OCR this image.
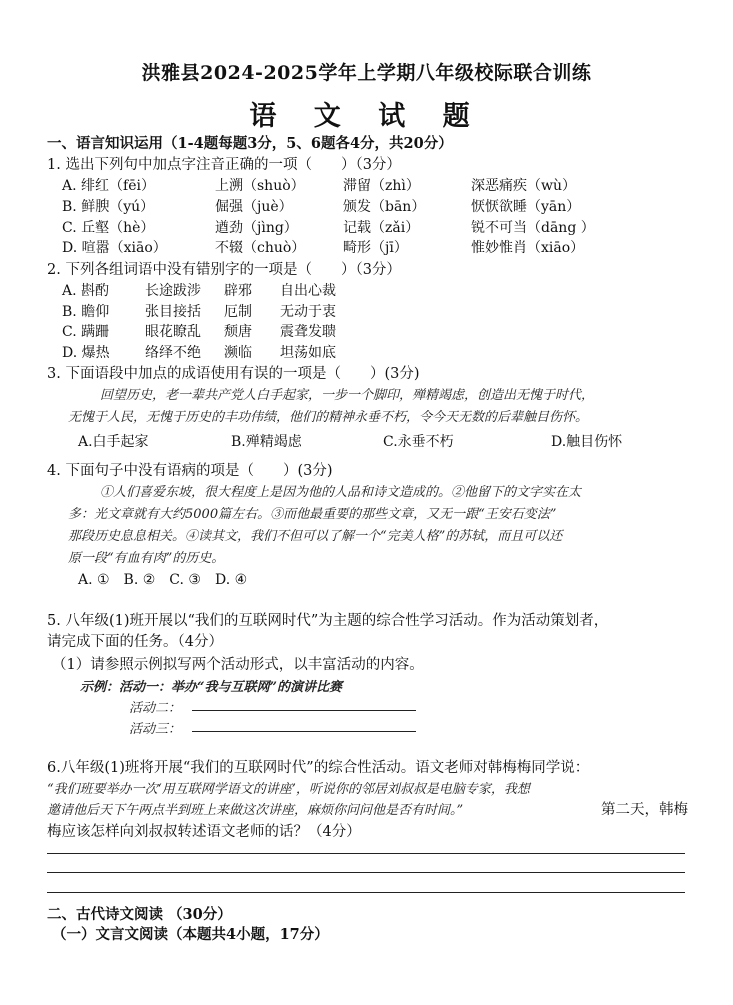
洪雅县2024-2025学年上学期八年级校际联合训练
语 文 试 题
一、语言知识运用（1-4题每题3分，5、6题各4分，共20分）
1. 选出下列句中加点字注音正确的一项（　　）（3分）
A. 绯红（fēi）	上溯（shuò）	滞留（zhì）	深恶痛疾（wù）
B. 鲜腴（yú）	倔强（juè）	颁发（bān）	恹恹欲睡（yān）
C. 丘壑（hè）	遒劲（jìng）	记载（zǎi）	锐不可当（dāng ）
D. 喧嚣（xiāo）	不辍（chuò）	畸形（jī）	惟妙惟肖（xiāo）
2. 下列各组词语中没有错别字的一项是（　　）（3分）
A. 斟酌	长途跋涉 辟邪 自出心裁
B. 瞻仰	张目接括 厄制 无动于衷
C. 蹒跚	眼花瞭乱 颓唐 震聋发聩
D. 爆热	络绎不绝 濒临 坦荡如底
3. 下面语段中加点的成语使用有误的一项是（　　）(3分)
回望历史，老一辈共产党人白手起家，一步一个脚印，殚精竭虑，创造出无愧于时代，
无愧于人民，无愧于历史的丰功伟绩，他们的精神永垂不朽，令今天无数的后辈触目伤怀。
A.白手起家	B.殚精竭虑	C.永垂不朽	D.触目伤怀
4. 下面句子中没有语病的项是（　　）(3分)
①人们喜爱东坡，很大程度上是因为他的人品和诗文造成的。②他留下的文字实在太
多：光文章就有大约5000篇左右。③而他最重要的那些文章，又无一跟“王安石变法”
那段历史息息相关。④读其文，我们不但可以了解一个“完美人格”的苏轼，而且可以还
原一段“有血有肉”的历史。
A. ①　B. ②　C. ③　D. ④
5. 八年级(1)班开展以“我们的互联网时代”为主题的综合性学习活动。作为活动策划者，
请完成下面的任务。（4分）
（1）请参照示例拟写两个活动形式，以丰富活动的内容。
示例：活动一：举办“我与互联网”的演讲比赛
活动二：
活动三：
6.八年级(1)班将开展“我们的互联网时代”的综合性活动。语文老师对韩梅梅同学说：
“我们班要举办一次‘用互联网学语文的讲座’，听说你的邻居刘叔叔是电脑专家，我想
邀请他后天下午两点半到班上来做这次讲座，麻烦你问问他是否有时间。”	第二天，韩梅
梅应该怎样向刘叔叔转述语文老师的话？（4分）
二、古代诗文阅读 （30分）
（一）文言文阅读（本题共4小题，17分）
